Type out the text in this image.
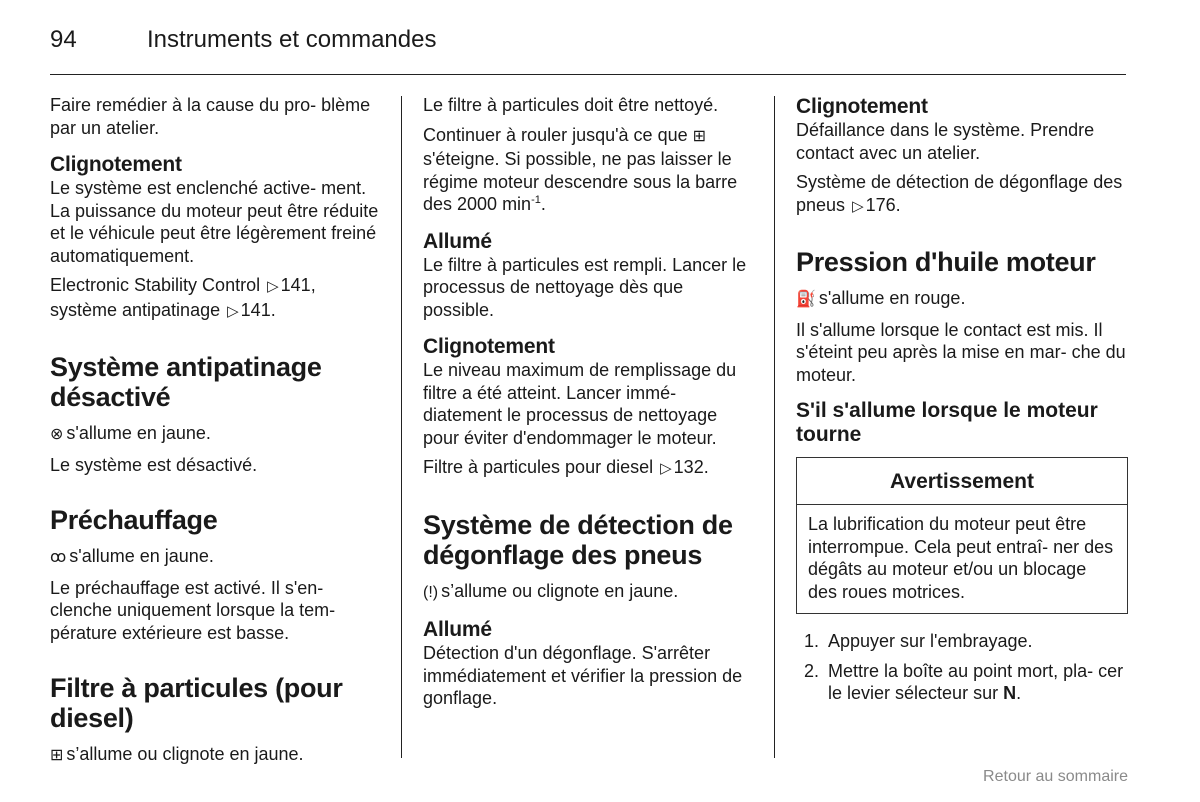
94	Instruments et commandes

Faire remédier à la cause du pro- blème par un atelier.

Clignotement

Le système est enclenché active- ment. La puissance du moteur peut être réduite et le véhicule peut être légèrement freiné automatiquement.

Electronic Stability Control ▷ 141,
système antipatinage ▷ 141.

Système antipatinage désactivé

⊗ s'allume en jaune.

Le système est désactivé.

Préchauffage

ꝏ s'allume en jaune.

Le préchauffage est activé. Il s'en- clenche uniquement lorsque la tem- pérature extérieure est basse.

Filtre à particules (pour diesel)

⊞ s’allume ou clignote en jaune.

Le filtre à particules doit être nettoyé.

Continuer à rouler jusqu'à ce que ⊞ s'éteigne. Si possible, ne pas laisser le régime moteur descendre sous la barre des 2000 $\min^{-1}$.

Allumé

Le filtre à particules est rempli. Lancer le processus de nettoyage dès que possible.

Clignotement

Le niveau maximum de remplissage du filtre a été atteint. Lancer immé- diatement le processus de nettoyage pour éviter d'endommager le moteur.

Filtre à particules pour diesel ▷ 132.

Système de détection de dégonflage des pneus

(!) s’allume ou clignote en jaune.

Allumé

Détection d'un dégonflage. S'arrêter immédiatement et vérifier la pression de gonflage.

Clignotement

Défaillance dans le système. Prendre contact avec un atelier.

Système de détection de dégonflage des pneus ▷ 176.

Pression d'huile moteur

⛽ s'allume en rouge.

Il s'allume lorsque le contact est mis. Il s'éteint peu après la mise en mar- che du moteur.

S'il s'allume lorsque le moteur tourne
Avertissement
La lubrification du moteur peut être interrompue. Cela peut entraî- ner des dégâts au moteur et/ou un blocage des roues motrices.
1. Appuyer sur l'embrayage.
2. Mettre la boîte au point mort, pla- cer le levier sélecteur sur N.
Retour au sommaire
